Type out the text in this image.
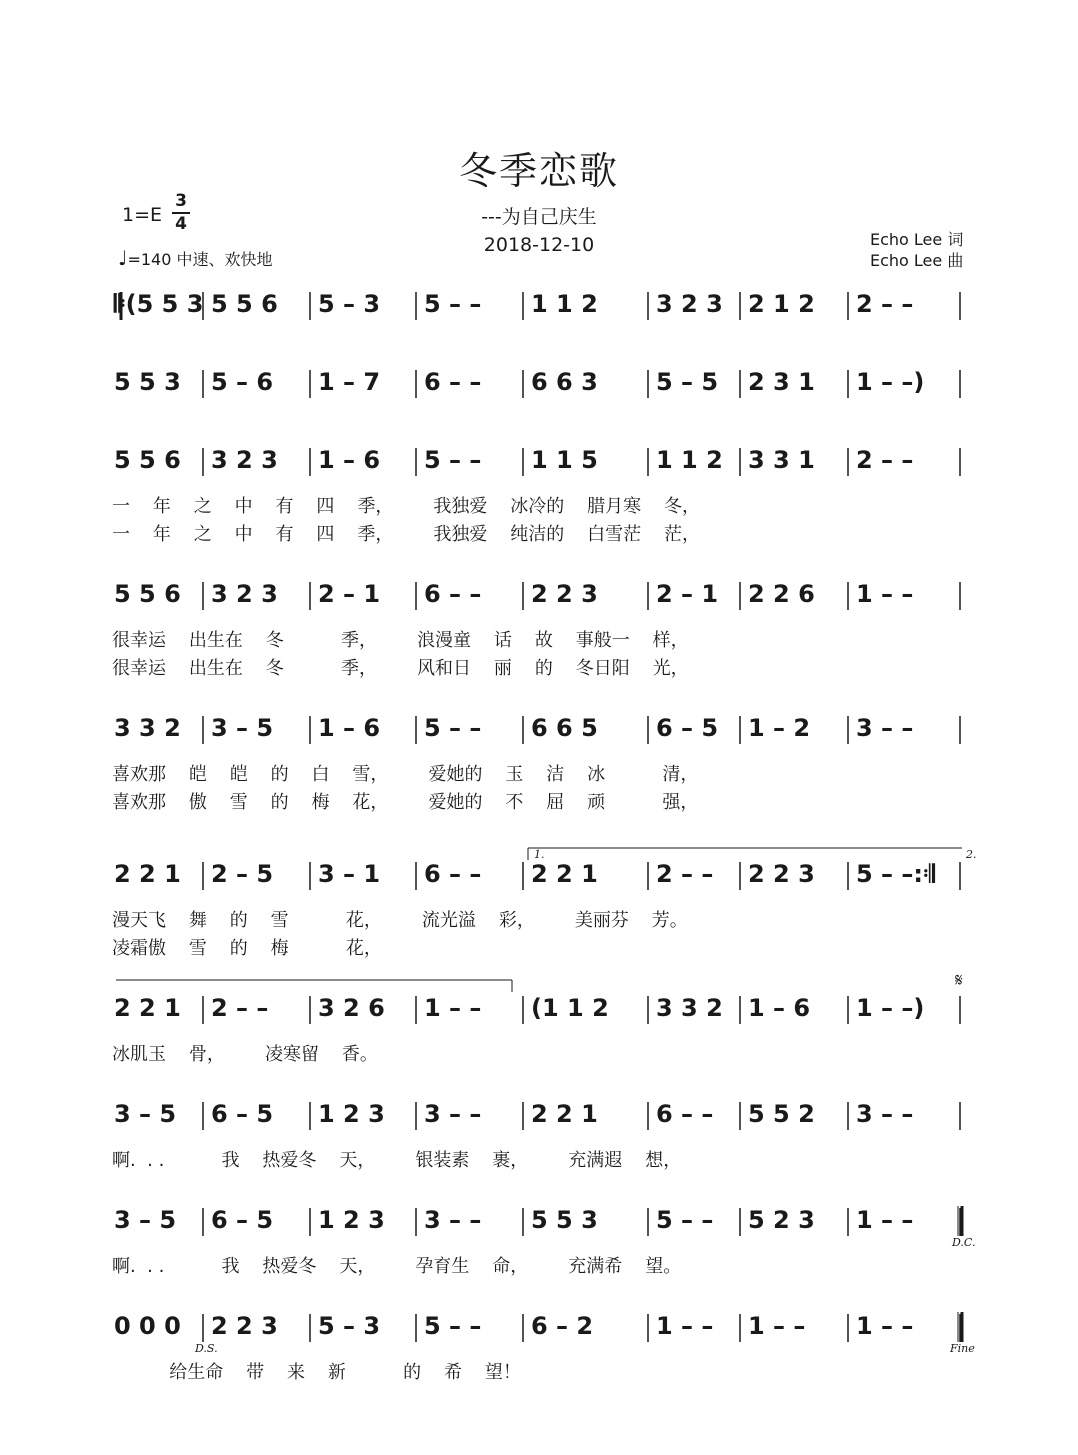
冬季恋歌
---为自己庆生
2018-12-10
1=E
3
4
♩=140 中速、欢快地
Echo Lee 词
Echo Lee 曲
𝄆(5 5 3 5 5 6 5 – 3 5 – – 1 1 2 3 2 3 2 1 2 2 – –
5 5 3 5 – 6 1 – 7 6 – – 6 6 3 5 – 5 2 3 1 1 – –)
5 5 6 3 2 3 1 – 6 5 – – 1 1 5 1 1 2 3 3 1 2 – –
一    年    之    中    有    四    季，       我独爱    冰冷的    腊月寒    冬，
一    年    之    中    有    四    季，       我独爱    纯洁的    白雪茫    茫，
5 5 6 3 2 3 2 – 1 6 – – 2 2 3 2 – 1 2 2 6 1 – –
很幸运    出生在    冬          季，       浪漫童    话    故    事般一    样，
很幸运    出生在    冬          季，       风和日    丽    的    冬日阳    光，
3 3 2 3 – 5 1 – 6 5 – – 6 6 5 6 – 5 1 – 2 3 – –
喜欢那    皑    皑    的    白    雪，       爱她的    玉    洁    冰          清，
喜欢那    傲    雪    的    梅    花，       爱她的    不    屈    顽          强，
2 2 1 2 – 5 3 – 1 6 – – 2 2 1 2 – – 2 2 3 5 – –:𝄇
漫天飞    舞    的    雪          花，       流光溢    彩，       美丽芬    芳。
凌霜傲    雪    的    梅          花，
1.	2.
2 2 1 2 – – 3 2 6 1 – – (1 1 2 3 3 2 1 – 6 1 – –)
冰肌玉    骨，       凌寒留    香。
𝄋
3 – 5 6 – 5 1 2 3 3 – – 2 2 1 6 – – 5 5 2 3 – –
啊.  . .          我    热爱冬    天，       银装素    裹，       充满遐    想，
3 – 5 6 – 5 1 2 3 3 – – 5 5 3 5 – – 5 2 3 1 – –
啊.  . .          我    热爱冬    天，       孕育生    命，       充满希    望。
D.C.
0 0 0 2 2 3 5 – 3 5 – – 6 – 2	1 – – 1 – – 1 – –
给生命    带    来    新          的    希    望！
D.S.	Fine
